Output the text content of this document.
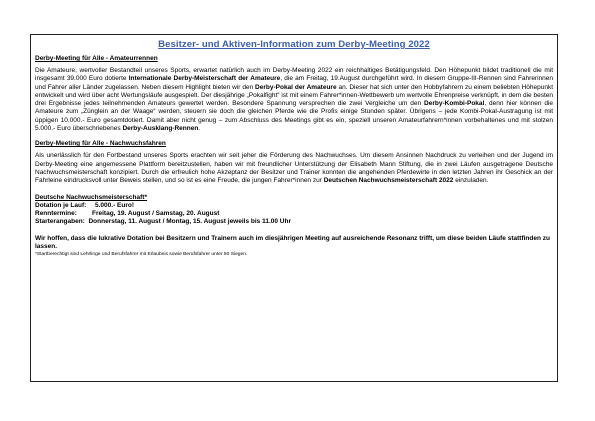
Besitzer- und Aktiven-Information zum Derby-Meeting 2022
Derby-Meeting für Alle - Amateurrennen

Die Amateure, wertvoller Bestandteil unseres Sports, erwartet natürlich auch im Derby-Meeting 2022 ein reichhaltiges Betätigungsfeld. Den Höhepunkt bildet traditionell die mit insgesamt 39.000 Euro dotierte Internationale Derby-Meisterschaft der Amateure, die am Freitag, 19.August durchgeführt wird. In diesem Gruppe-III-Rennen sind Fahrerinnen und Fahrer aller Länder zugelassen. Neben diesem Highlight bieten wir den Derby-Pokal der Amateure an. Dieser hat sich unter den Hobbyfahrern zu einem beliebten Höhepunkt entwickelt und wird über acht Wertungsläufe ausgespielt. Der diesjährige „Pokalfight“ ist mit einem Fahrer*innen-Wettbewerb um wertvolle Ehrenpreise verknüpft, in dem die besten drei Ergebnisse jedes teilnehmenden Amateurs gewertet werden. Besondere Spannung versprechen die zwei Vergleiche um den Derby-Kombi-Pokal, denn hier können die Amateure zum „Zünglein an der Waage“ werden, steuern sie doch die gleichen Pferde wie die Profis einige Stunden später. Übrigens – jede Kombi-Pokal-Austragung ist mit üppigen 10.000.- Euro gesamtdotiert. Damit aber nicht genug – zum Abschluss des Meetings gibt es ein, speziell unseren Amateurfahrern*innen vorbehaltenes und mit stolzen 5.000.- Euro überschriebenes Derby-Ausklang-Rennen.

Derby-Meeting für Alle - Nachwuchsfahren

Als unerlässlich für den Fortbestand unseres Sports erachten wir seit jeher die Förderung des Nachwuchses. Um diesem Ansinnen Nachdruck zu verleihen und der Jugend im Derby-Meeting eine angemessene Plattform bereitzustellen, haben wir mit freundlicher Unterstützung der Elisabeth Mann Stiftung, die in zwei Läufen ausgetragene Deutsche Nachwuchsmeisterschaft konzipiert. Durch die erfreulich hohe Akzeptanz der Besitzer und Trainer konnten die angehenden Pferdewirte in den letzten Jahren ihr Geschick an der Fahrleine eindrucksvoll unter Beweis stellen, und so ist es eine Freude, die jungen Fahrer*innen zur Deutschen Nachwuchsmeisterschaft 2022 einzuladen.

Deutsche Nachwuchsmeisterschaft*

Dotation je Lauf: 5.000.- Euro!

Renntermine: Freitag, 19. August / Samstag, 20. August

Starterangaben: Donnerstag, 11. August / Montag, 15. August jeweils bis 11.00 Uhr

Wir hoffen, dass die lukrative Dotation bei Besitzern und Trainern auch im diesjährigen Meeting auf ausreichende Resonanz trifft, um diese beiden Läufe stattfinden zu lassen.

*Startberechtigt sind Lehrlinge und Berufsfahrer mit Erlaubnis sowie Berufsfahrer unter 50 Siegen.
